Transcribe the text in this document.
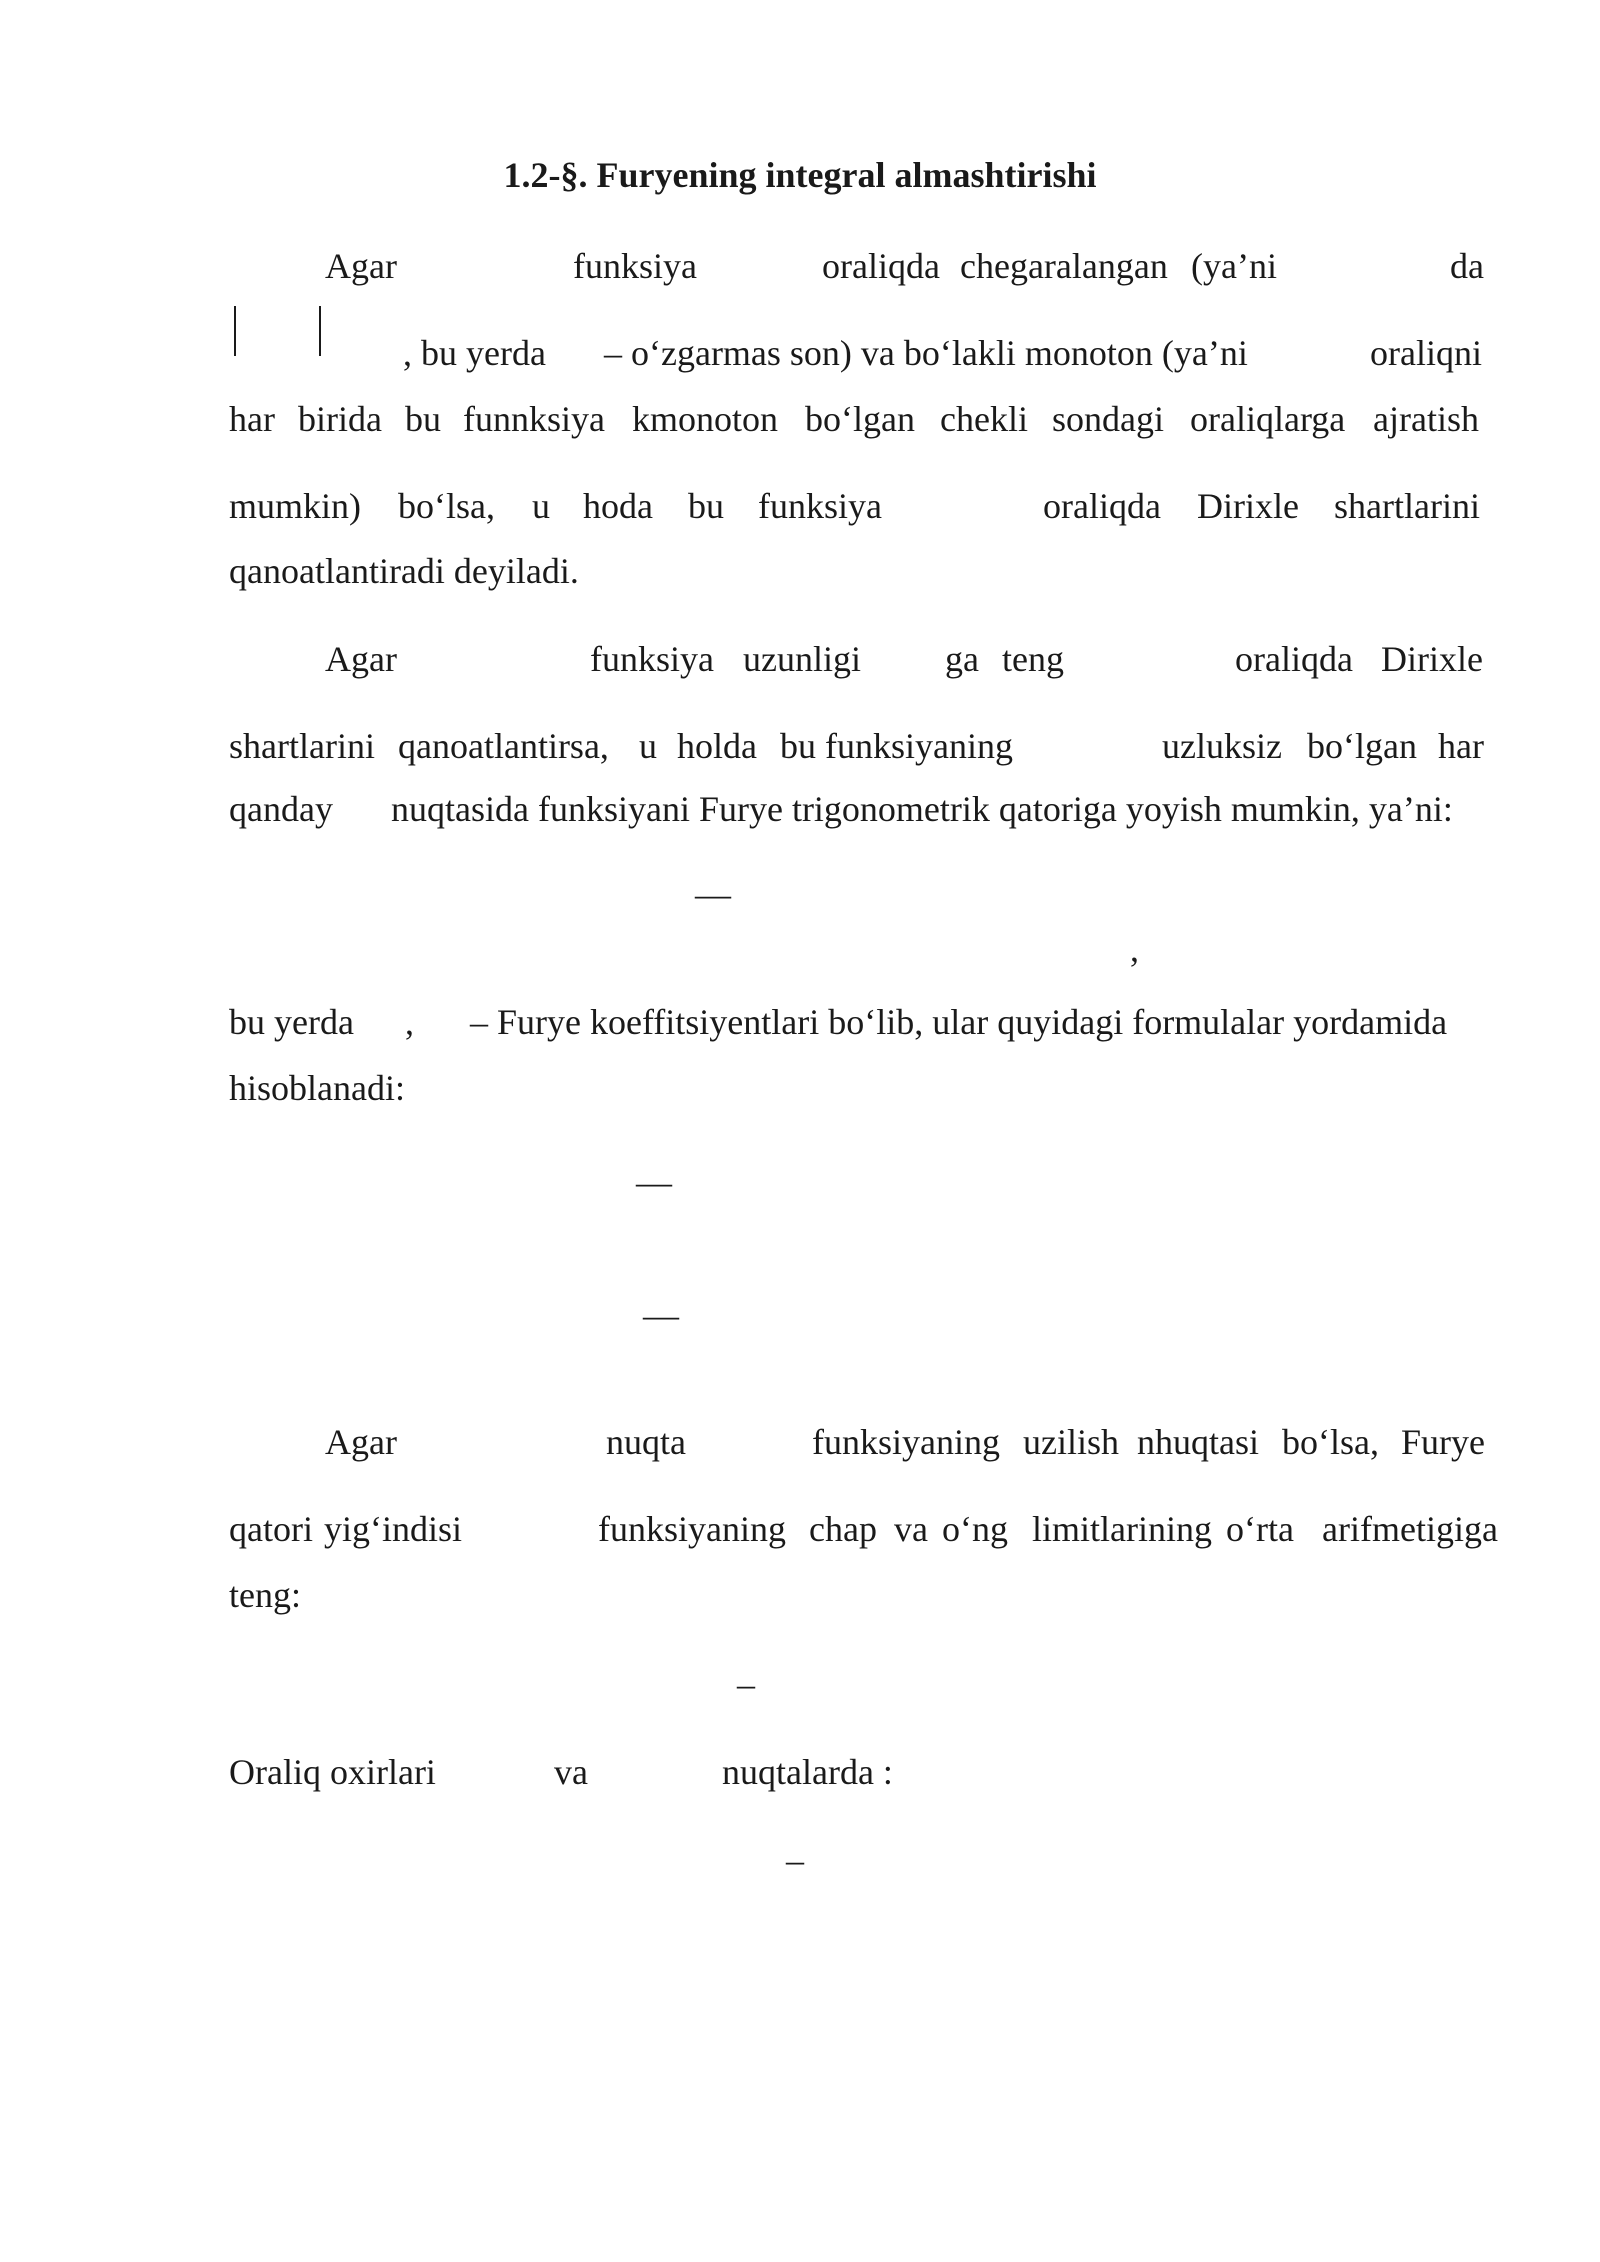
1.2-§. Furyening integral almashtirishi
Agar	funksiya	oraliqda chegaralangan (ya’ni	da
, bu yerda – o‘zgarmas son) va bo‘lakli monoton (ya’ni	oraliqni
har birida bu funnksiya kmonoton bo‘lgan chekli sondagi oraliqlarga ajratish
mumkin) bo‘lsa, u hoda bu funksiya	oraliqda Dirixle shartlarini
qanoatlantiradi deyiladi.
Agar	funksiya uzunligi ga teng	oraliqda Dirixle
shartlarini qanoatlantirsa, u holda bu funksiyaning	uzluksiz bo‘lgan har
qanday nuqtasida funksiyani Furye trigonometrik qatoriga yoyish mumkin, ya’ni:
—
,
bu yerda , – Furye koeffitsiyentlari bo‘lib, ular quyidagi formulalar yordamida
hisoblanadi:
—
—
Agar	nuqta	funksiyaning uzilish nhuqtasi bo‘lsa, Furye
qatori yig‘indisi	funksiyaning chap va o‘ng limitlarining o‘rta arifmetigiga
teng:
–
Oraliq oxirlari	va	nuqtalarda :
–
